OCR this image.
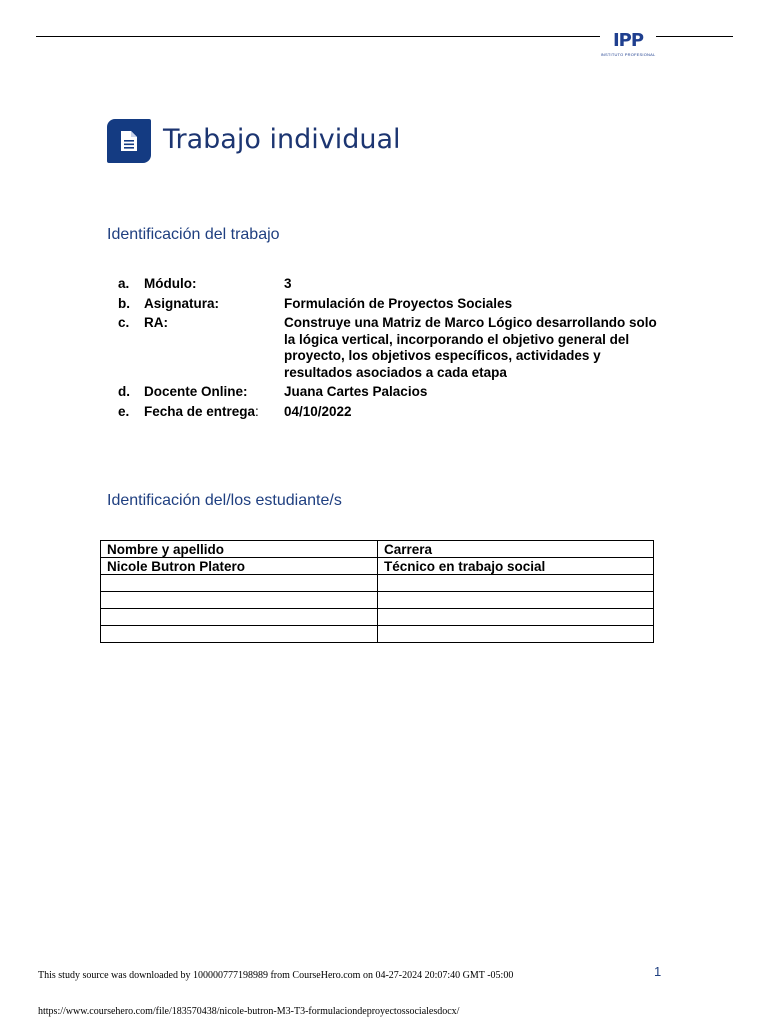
IPP
INSTITUTO PROFESIONAL
Trabajo individual
Identificación del trabajo
a.	Módulo:	3
b.	Asignatura:	Formulación de Proyectos Sociales
c.	RA:	Construye una Matriz de Marco Lógico desarrollando solo la lógica vertical, incorporando el objetivo general del proyecto, los objetivos específicos, actividades y resultados asociados a cada etapa
d.	Docente Online:	Juana Cartes Palacios
e.	Fecha de entrega:	04/10/2022
Identificación del/los estudiante/s
Nombre y apellido	Carrera
Nicole Butron Platero	Técnico en trabajo social

1
This study source was downloaded by 100000777198989 from CourseHero.com on 04-27-2024 20:07:40 GMT -05:00
https://www.coursehero.com/file/183570438/nicole-butron-M3-T3-formulaciondeproyectossocialesdocx/
